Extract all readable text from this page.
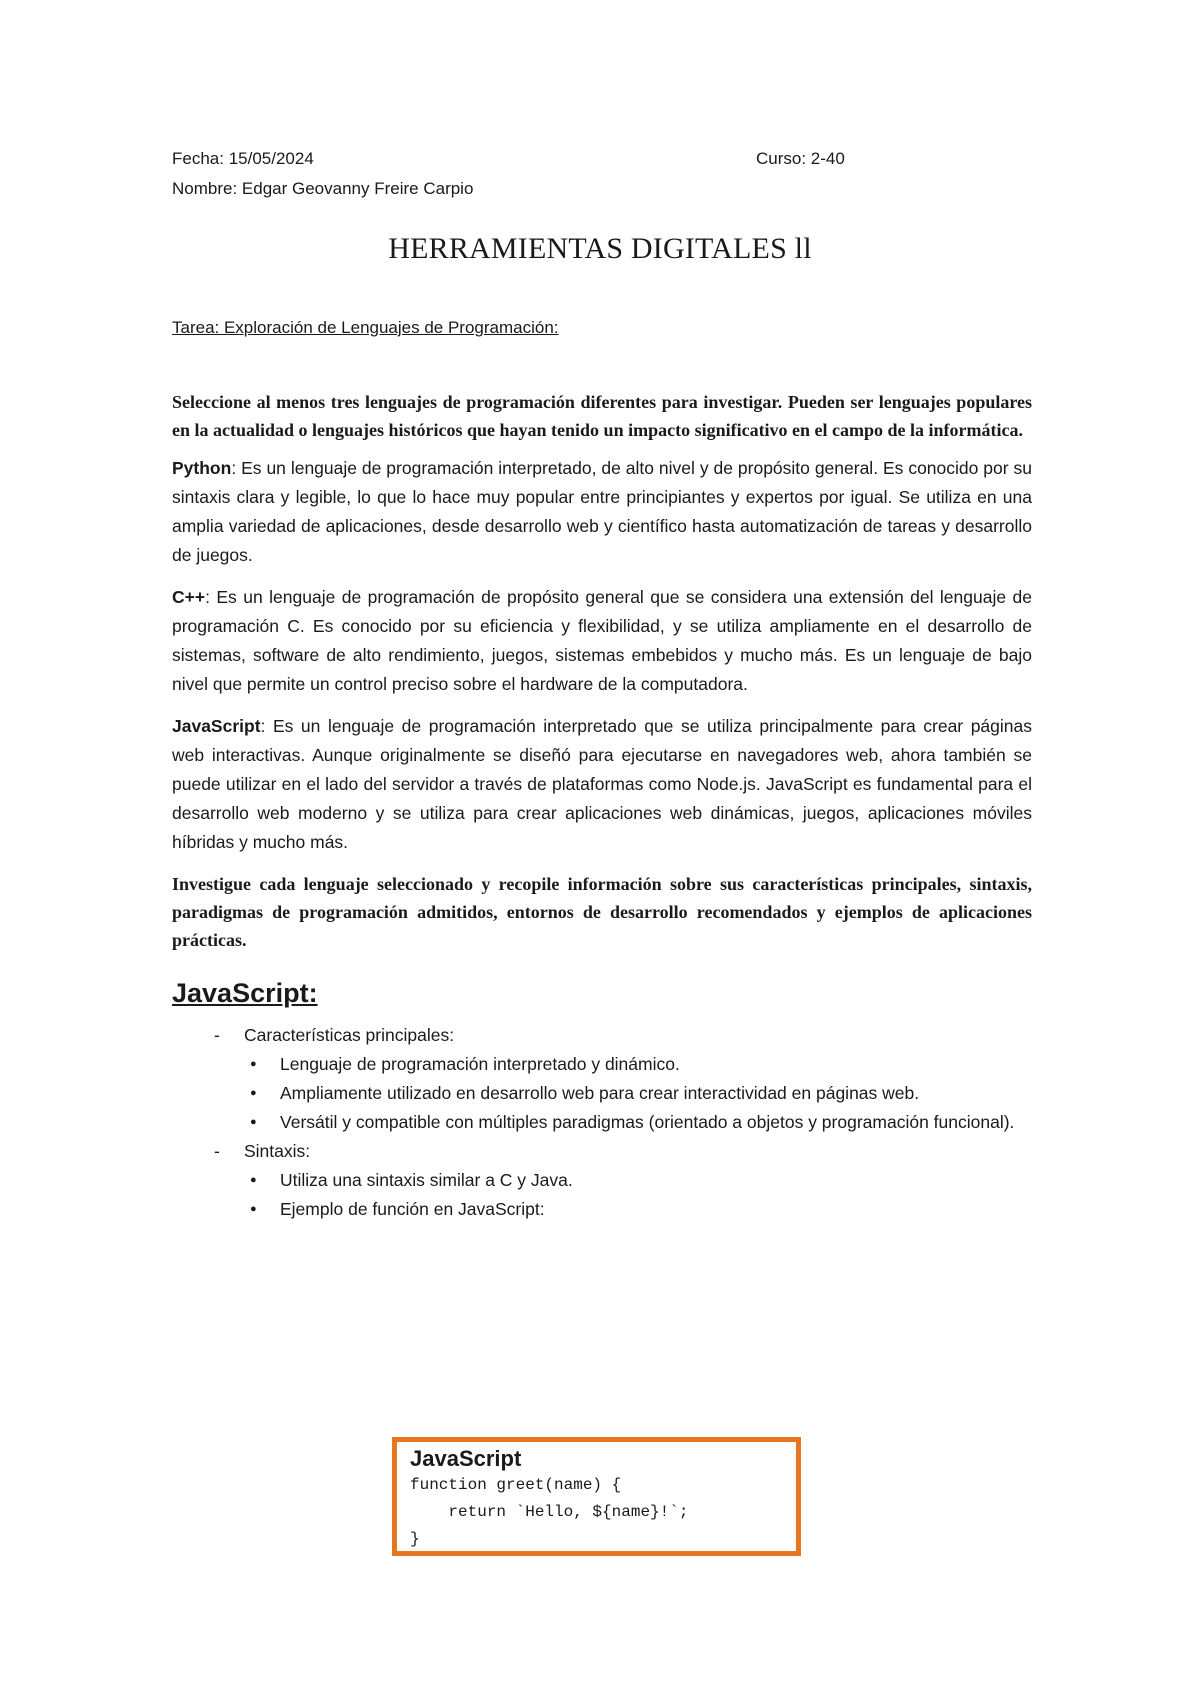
Fecha: 15/05/2024	Curso: 2-40
Nombre: Edgar Geovanny Freire Carpio
HERRAMIENTAS DIGITALES ll
Tarea: Exploración de Lenguajes de Programación:

Seleccione al menos tres lenguajes de programación diferentes para investigar. Pueden ser lenguajes populares en la actualidad o lenguajes históricos que hayan tenido un impacto significativo en el campo de la informática.

Python: Es un lenguaje de programación interpretado, de alto nivel y de propósito general. Es conocido por su sintaxis clara y legible, lo que lo hace muy popular entre principiantes y expertos por igual. Se utiliza en una amplia variedad de aplicaciones, desde desarrollo web y científico hasta automatización de tareas y desarrollo de juegos.

C++: Es un lenguaje de programación de propósito general que se considera una extensión del lenguaje de programación C. Es conocido por su eficiencia y flexibilidad, y se utiliza ampliamente en el desarrollo de sistemas, software de alto rendimiento, juegos, sistemas embebidos y mucho más. Es un lenguaje de bajo nivel que permite un control preciso sobre el hardware de la computadora.

JavaScript: Es un lenguaje de programación interpretado que se utiliza principalmente para crear páginas web interactivas. Aunque originalmente se diseñó para ejecutarse en navegadores web, ahora también se puede utilizar en el lado del servidor a través de plataformas como Node.js. JavaScript es fundamental para el desarrollo web moderno y se utiliza para crear aplicaciones web dinámicas, juegos, aplicaciones móviles híbridas y mucho más.

Investigue cada lenguaje seleccionado y recopile información sobre sus características principales, sintaxis, paradigmas de programación admitidos, entornos de desarrollo recomendados y ejemplos de aplicaciones prácticas.

JavaScript:
- Características principales:
● Lenguaje de programación interpretado y dinámico.
● Ampliamente utilizado en desarrollo web para crear interactividad en páginas web.
● Versátil y compatible con múltiples paradigmas (orientado a objetos y programación funcional).
- Sintaxis:
● Utiliza una sintaxis similar a C y Java.
● Ejemplo de función en JavaScript:
JavaScript
function greet(name) {
return `Hello, ${name}!`;
}
